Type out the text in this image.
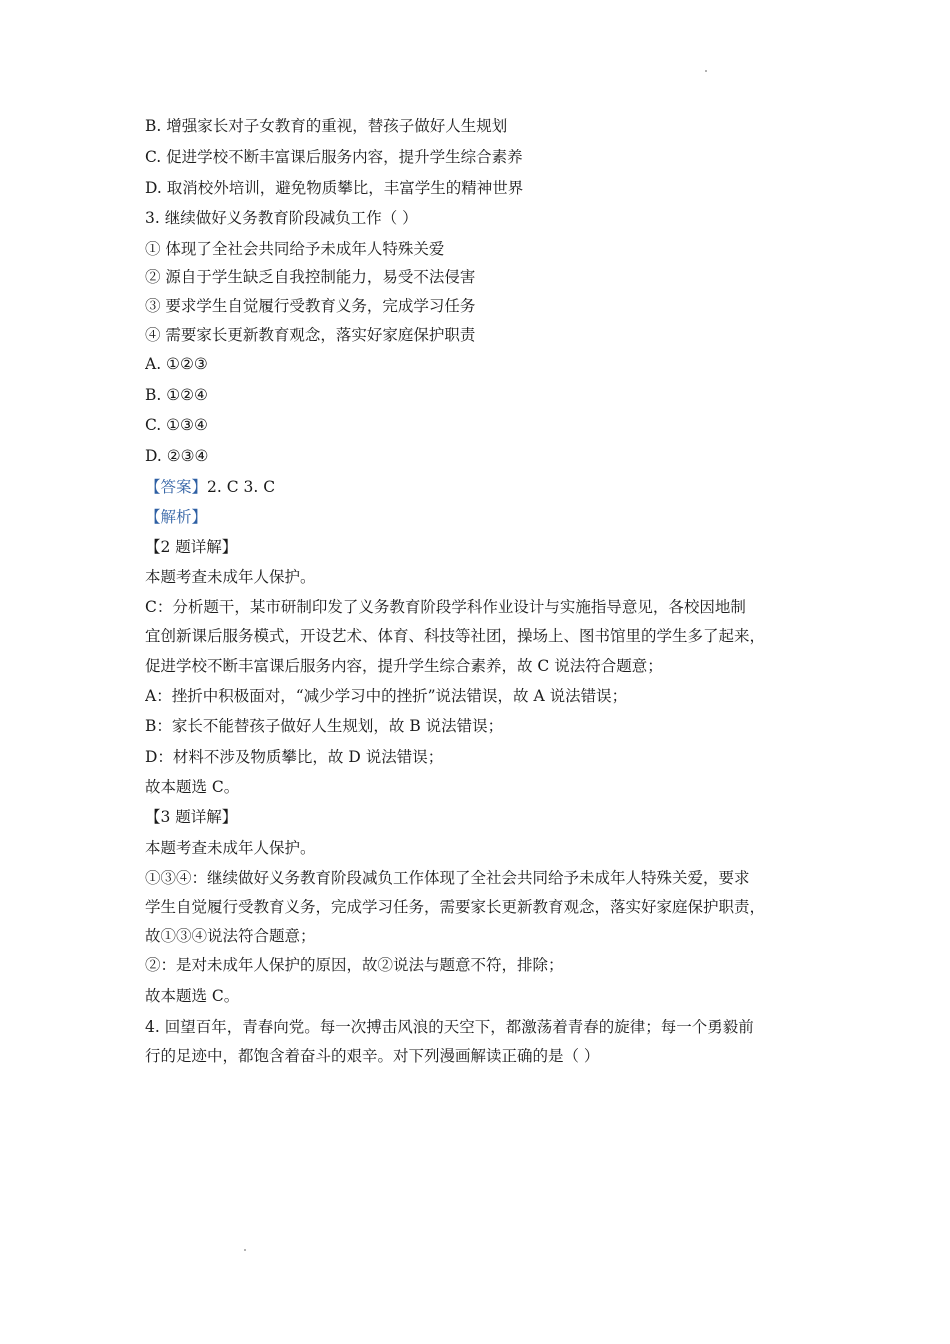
B. 增强家长对子女教育的重视，替孩子做好人生规划
C. 促进学校不断丰富课后服务内容，提升学生综合素养
D. 取消校外培训，避免物质攀比，丰富学生的精神世界
3. 继续做好义务教育阶段减负工作（ ）
① 体现了全社会共同给予未成年人特殊关爱
② 源自于学生缺乏自我控制能力，易受不法侵害
③ 要求学生自觉履行受教育义务，完成学习任务
④ 需要家长更新教育观念，落实好家庭保护职责
A. ①②③
B. ①②④
C. ①③④
D. ②③④
【答案】2. C 3. C
【解析】
【2 题详解】
本题考查未成年人保护。
C：分析题干，某市研制印发了义务教育阶段学科作业设计与实施指导意见，各校因地制
宜创新课后服务模式，开设艺术、体育、科技等社团，操场上、图书馆里的学生多了起来，
促进学校不断丰富课后服务内容，提升学生综合素养，故 C 说法符合题意；
A：挫折中积极面对，“减少学习中的挫折”说法错误，故 A 说法错误；
B：家长不能替孩子做好人生规划，故 B 说法错误；
D：材料不涉及物质攀比，故 D 说法错误；
故本题选 C。
【3 题详解】
本题考查未成年人保护。
①③④：继续做好义务教育阶段减负工作体现了全社会共同给予未成年人特殊关爱，要求
学生自觉履行受教育义务，完成学习任务，需要家长更新教育观念，落实好家庭保护职责，
故①③④说法符合题意；
②：是对未成年人保护的原因，故②说法与题意不符，排除；
故本题选 C。
4. 回望百年，青春向党。每一次搏击风浪的天空下，都激荡着青春的旋律；每一个勇毅前
行的足迹中，都饱含着奋斗的艰辛。对下列漫画解读正确的是（ ）
